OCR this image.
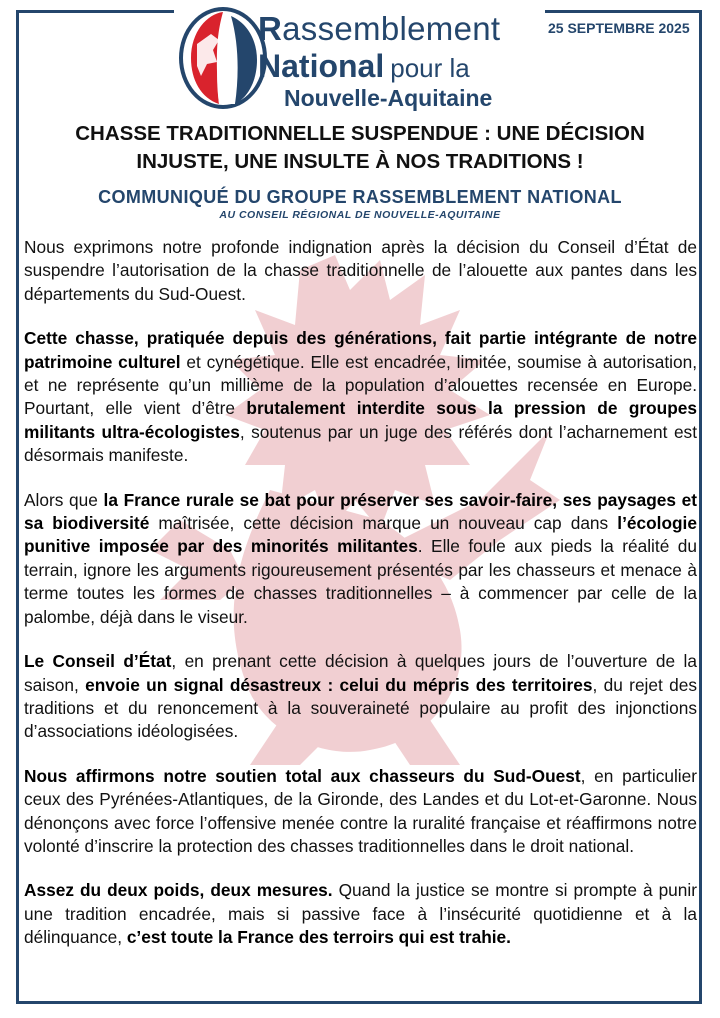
Rassemblement
National pour la
Nouvelle-Aquitaine
25 SEPTEMBRE 2025
CHASSE TRADITIONNELLE SUSPENDUE : UNE DÉCISION
INJUSTE, UNE INSULTE À NOS TRADITIONS !
COMMUNIQUÉ DU GROUPE RASSEMBLEMENT NATIONAL
AU CONSEIL RÉGIONAL DE NOUVELLE-AQUITAINE

Nous exprimons notre profonde indignation après la décision du Conseil d’État de suspendre l’autorisation de la chasse traditionnelle de l’alouette aux pantes dans les départements du Sud-Ouest.

Cette chasse, pratiquée depuis des générations, fait partie intégrante de notre patrimoine culturel et cynégétique. Elle est encadrée, limitée, soumise à autorisation, et ne représente qu’un millième de la population d’alouettes recensée en Europe. Pourtant, elle vient d’être brutalement interdite sous la pression de groupes militants ultra-écologistes, soutenus par un juge des référés dont l’acharnement est désormais manifeste.

Alors que la France rurale se bat pour préserver ses savoir-faire, ses paysages et sa biodiversité maîtrisée, cette décision marque un nouveau cap dans l’écologie punitive imposée par des minorités militantes. Elle foule aux pieds la réalité du terrain, ignore les arguments rigoureusement présentés par les chasseurs et menace à terme toutes les formes de chasses traditionnelles – à commencer par celle de la palombe, déjà dans le viseur.

Le Conseil d’État, en prenant cette décision à quelques jours de l’ouverture de la saison, envoie un signal désastreux : celui du mépris des territoires, du rejet des traditions et du renoncement à la souveraineté populaire au profit des injonctions d’associations idéologisées.

Nous affirmons notre soutien total aux chasseurs du Sud-Ouest, en particulier ceux des Pyrénées-Atlantiques, de la Gironde, des Landes et du Lot-et-Garonne. Nous dénonçons avec force l’offensive menée contre la ruralité française et réaffirmons notre volonté d’inscrire la protection des chasses traditionnelles dans le droit national.

Assez du deux poids, deux mesures. Quand la justice se montre si prompte à punir une tradition encadrée, mais si passive face à l’insécurité quotidienne et à la délinquance, c’est toute la France des terroirs qui est trahie.
